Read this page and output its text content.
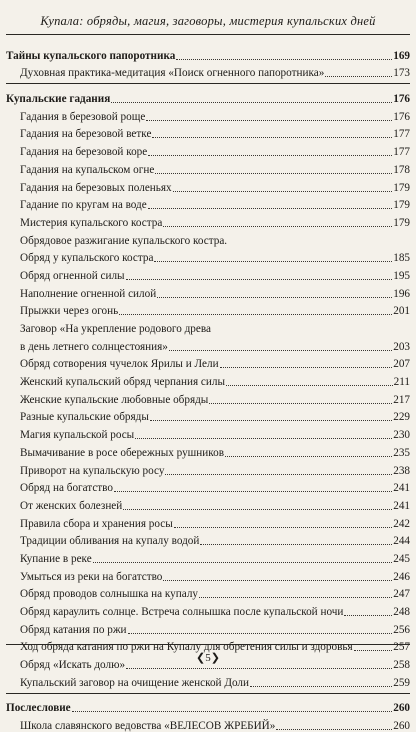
Купала: обряды, магия, заговоры, мистерия купальских дней
Тайны купальского папоротника	169
Духовная практика-медитация «Поиск огненного папоротника»	173
Купальские гадания	176
Гадания в березовой роще	176
Гадания на березовой ветке	177
Гадания на березовой коре	177
Гадания на купальском огне	178
Гадания на березовых поленьях	179
Гадание по кругам на воде	179
Мистерия купальского костра	179
Обрядовое разжигание купальского костра.
Обряд у купальского костра	185
Обряд огненной силы	195
Наполнение огненной силой	196
Прыжки через огонь	201
Заговор «На укрепление родового древа
в день летнего солнцестояния»	203
Обряд сотворения чучелок Ярилы и Лели	207
Женский купальский обряд черпания силы	211
Женские купальские любовные обряды	217
Разные купальские обряды	229
Магия купальской росы	230
Вымачивание в росе обережных рушников	235
Приворот на купальскую росу	238
Обряд на богатство	241
От женских болезней	241
Правила сбора и хранения росы	242
Традиции обливания на купалу водой	244
Купание в реке	245
Умыться из реки на богатство	246
Обряд проводов солнышка на купалу	247
Обряд караулить солнце. Встреча солнышка после купальской ночи	248
Обряд катания по ржи	256
Ход обряда катания по ржи на Купалу для обретения силы и здоровья	257
Обряд «Искать долю»	258
Купальский заговор на очищение женской Доли	259
Послесловие	260
Школа славянского ведовства «ВЕЛЕСОВ ЖРЕБИЙ»	260
❮5❯
